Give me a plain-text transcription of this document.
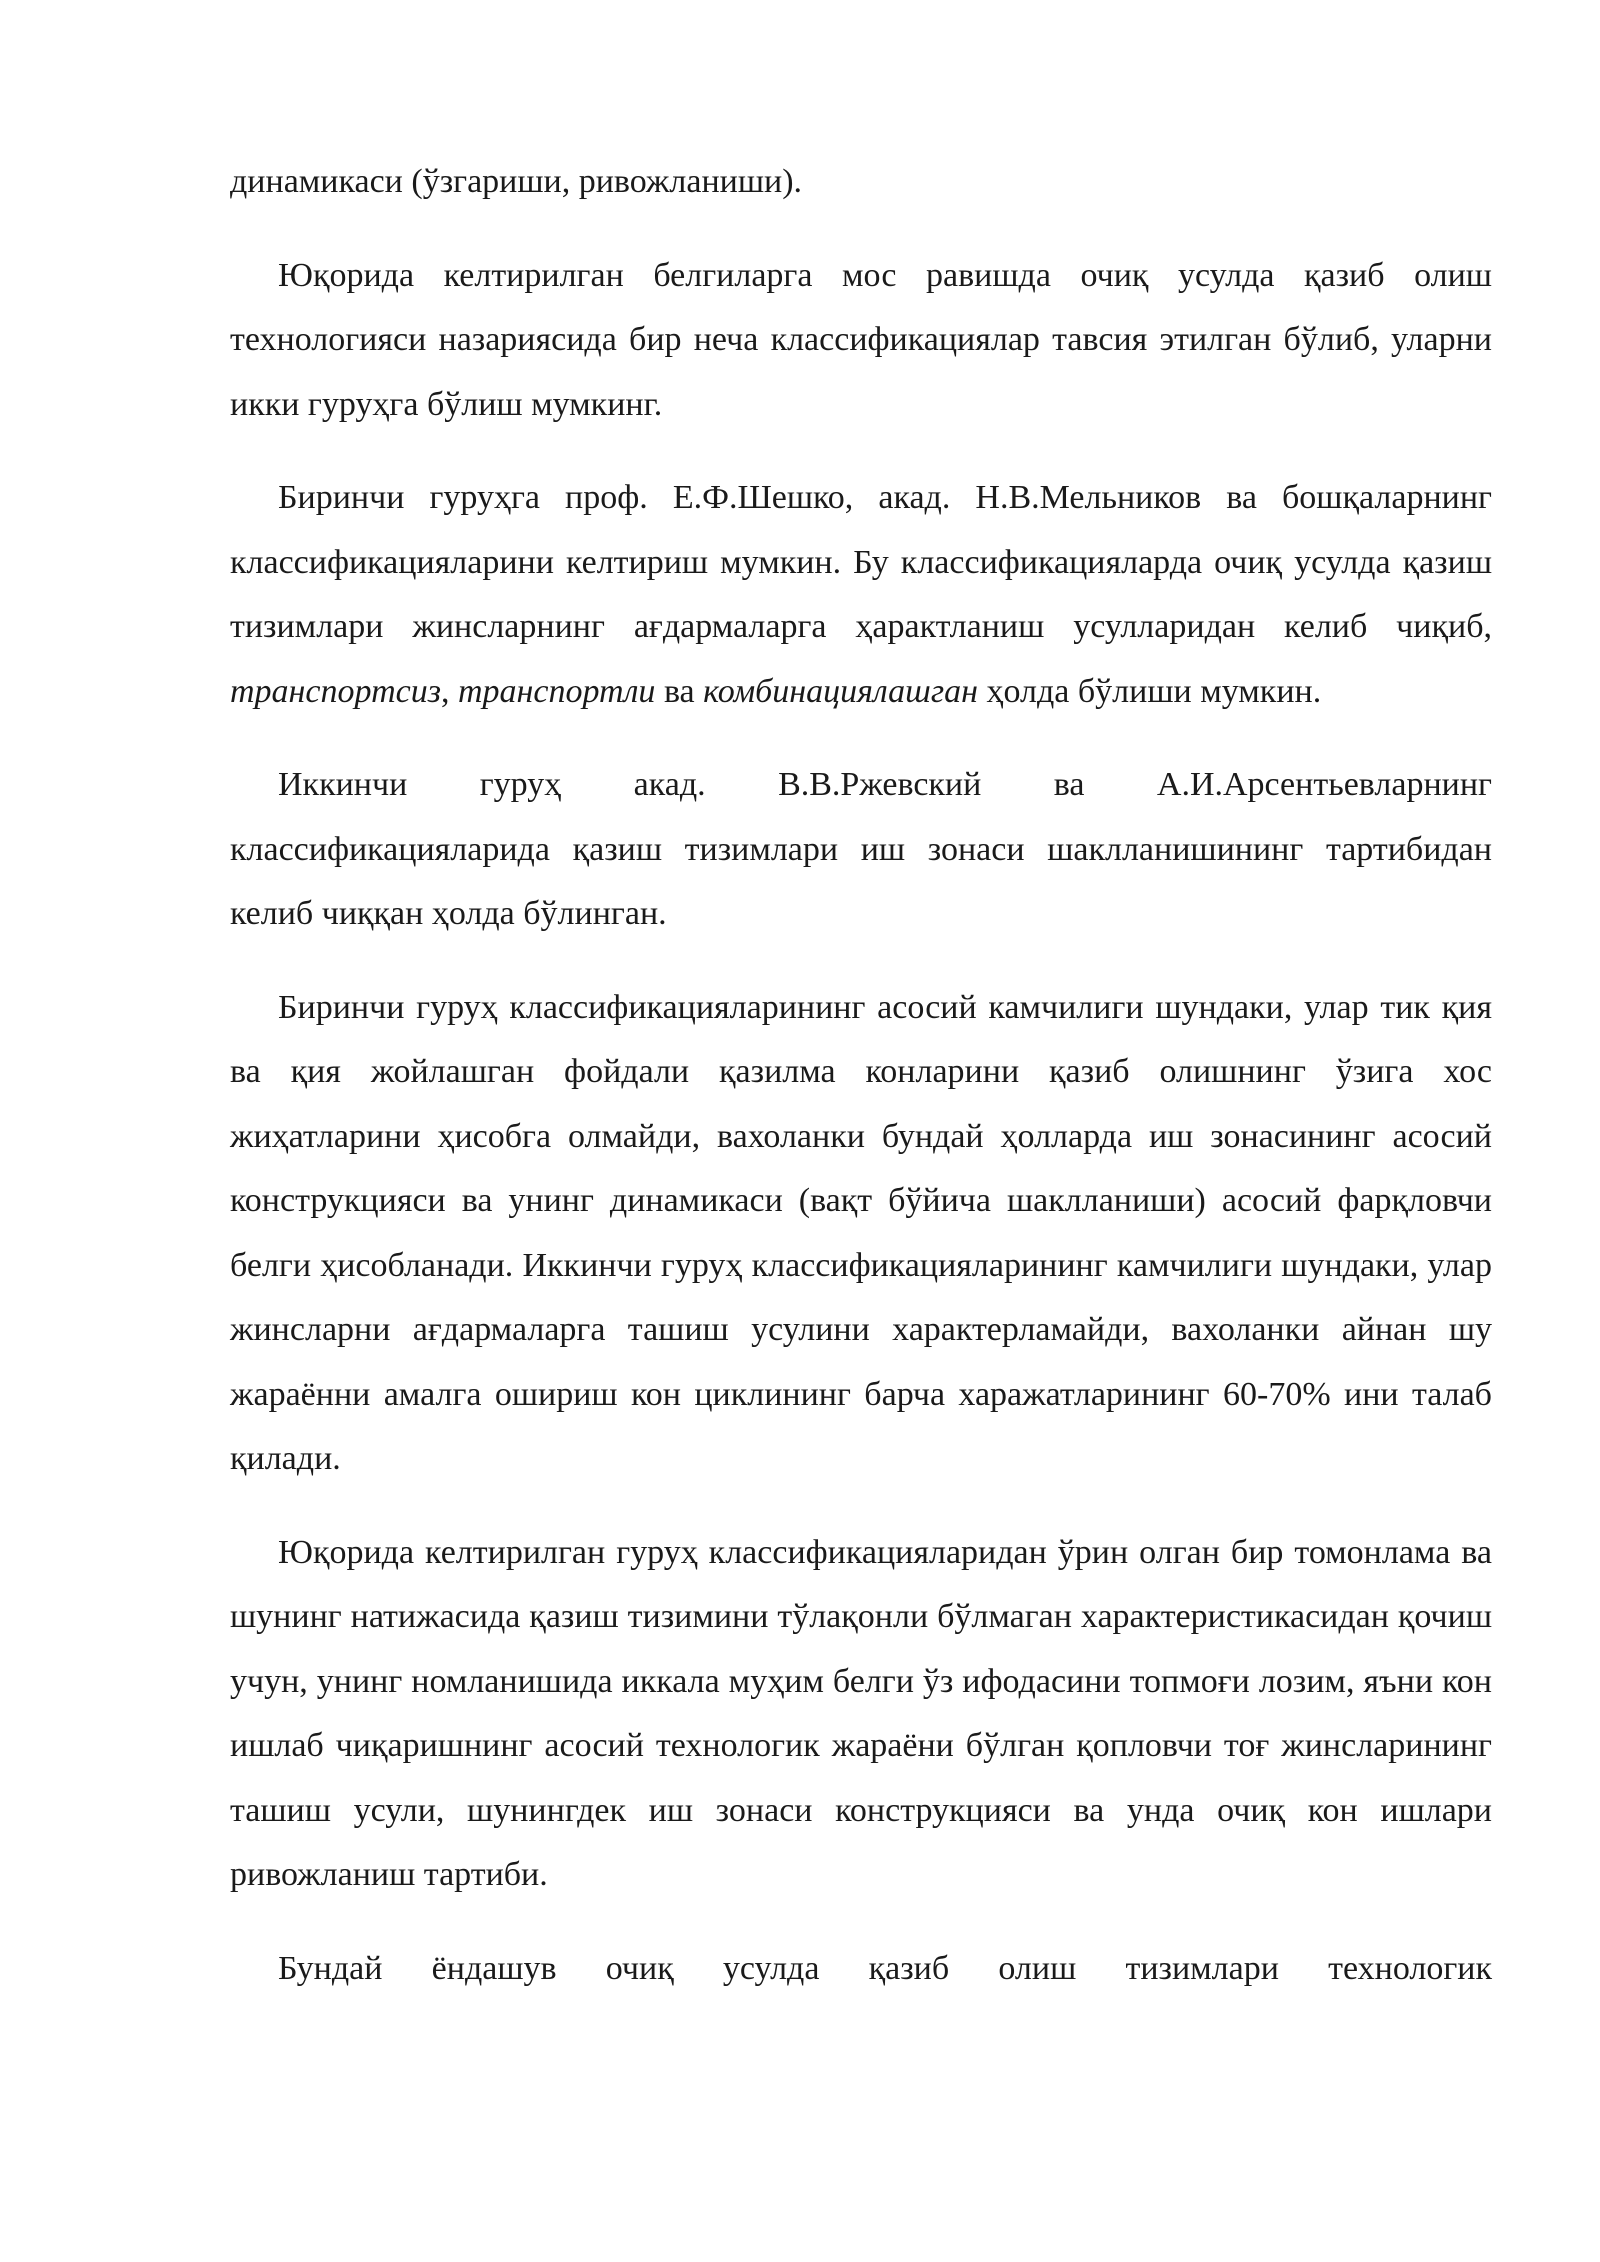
динамикаси (ўзгариши, ривожланиши).

Юқорида келтирилган белгиларга мос равишда очиқ усулда қазиб олиш технологияси назариясида бир неча классификациялар тавсия этилган бўлиб, уларни икки гуруҳга бўлиш мумкинг.

Биринчи гуруҳга проф. Е.Ф.Шешко, акад. Н.В.Мельников ва бошқаларнинг классификацияларини келтириш мумкин. Бу классификацияларда очиқ усулда қазиш тизимлари жинсларнинг ағдармаларга ҳарактланиш усулларидан келиб чиқиб, транспортсиз, транспортли ва комбинациялашган ҳолда бўлиши мумкин.

Иккинчи гуруҳ акад. В.В.Ржевский ва А.И.Арсентьевларнинг классификацияларида қазиш тизимлари иш зонаси шаклланишининг тартибидан келиб чиққан ҳолда бўлинган.

Биринчи гуруҳ классификацияларининг асосий камчилиги шундаки, улар тик қия ва қия жойлашган фойдали қазилма конларини қазиб олишнинг ўзига хос жиҳатларини ҳисобга олмайди, вахоланки бундай ҳолларда иш зонасининг асосий конструкцияси ва унинг динамикаси (вақт бўйича шаклланиши) асосий фарқловчи белги ҳисобланади. Иккинчи гуруҳ классификацияларининг камчилиги шундаки, улар жинсларни ағдармаларга ташиш усулини характерламайди, вахоланки айнан шу жараённи амалга ошириш кон циклининг барча харажатларининг 60-70% ини талаб қилади.

Юқорида келтирилган гуруҳ классификацияларидан ўрин олган бир томонлама ва шунинг натижасида қазиш тизимини тўлақонли бўлмаган характеристикасидан қочиш учун, унинг номланишида иккала муҳим белги ўз ифодасини топмоғи лозим, яъни кон ишлаб чиқаришнинг асосий технологик жараёни бўлган қопловчи тоғ жинсларининг ташиш усули, шунингдек иш зонаси конструкцияси ва унда очиқ кон ишлари ривожланиш тартиби.

Бундай ёндашув очиқ усулда қазиб олиш тизимлари технологик
